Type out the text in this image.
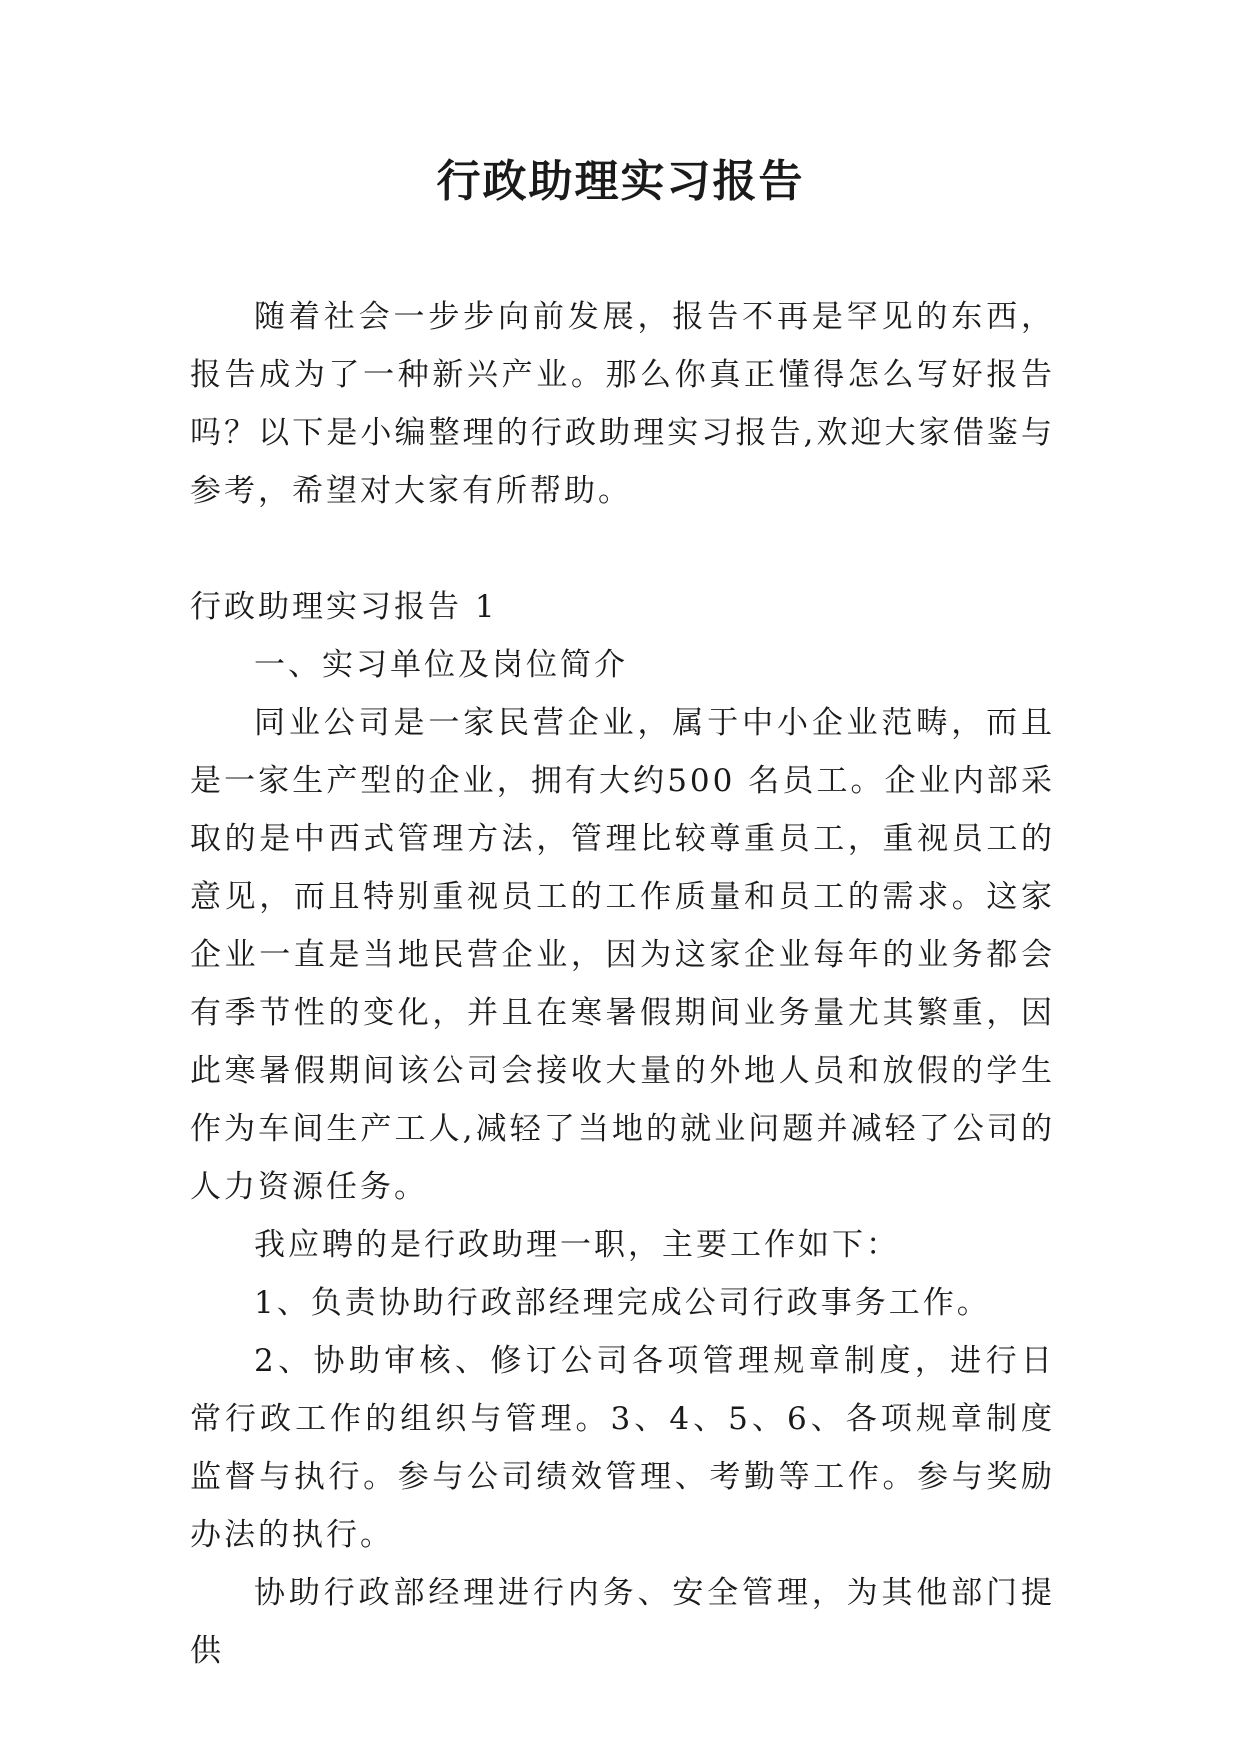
行政助理实习报告

随着社会一步步向前发展，报告不再是罕见的东西，报告成为了一种新兴产业。那么你真正懂得怎么写好报告吗？以下是小编整理的行政助理实习报告,欢迎大家借鉴与参考，希望对大家有所帮助。

行政助理实习报告 1

一、实习单位及岗位简介

同业公司是一家民营企业，属于中小企业范畴，而且是一家生产型的企业，拥有大约500 名员工。企业内部采取的是中西式管理方法，管理比较尊重员工，重视员工的意见，而且特别重视员工的工作质量和员工的需求。这家企业一直是当地民营企业，因为这家企业每年的业务都会有季节性的变化，并且在寒暑假期间业务量尤其繁重，因此寒暑假期间该公司会接收大量的外地人员和放假的学生作为车间生产工人,减轻了当地的就业问题并减轻了公司的人力资源任务。

我应聘的是行政助理一职，主要工作如下：

1、负责协助行政部经理完成公司行政事务工作。

2、协助审核、修订公司各项管理规章制度，进行日常行政工作的组织与管理。3、4、5、6、各项规章制度监督与执行。参与公司绩效管理、考勤等工作。参与奖励办法的执行。

协助行政部经理进行内务、安全管理，为其他部门提供
